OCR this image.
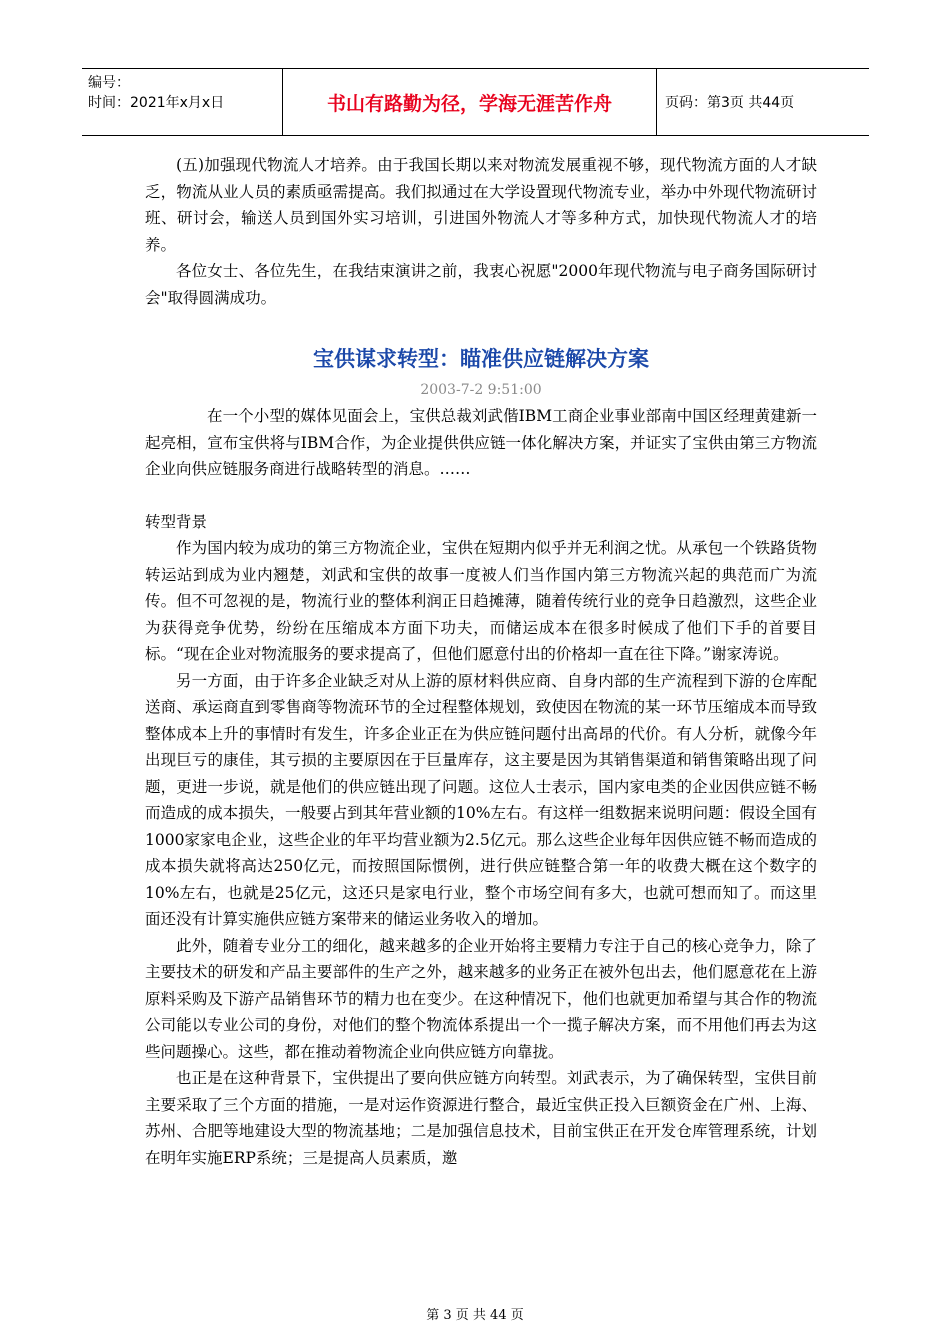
编号：
时间：2021年x月x日	书山有路勤为径，学海无涯苦作舟	页码：第3页 共44页

(五)加强现代物流人才培养。由于我国长期以来对物流发展重视不够，现代物流方面的人才缺乏，物流从业人员的素质亟需提高。我们拟通过在大学设置现代物流专业，举办中外现代物流研讨班、研讨会，输送人员到国外实习培训，引进国外物流人才等多种方式，加快现代物流人才的培养。

各位女士、各位先生，在我结束演讲之前，我衷心祝愿"2000年现代物流与电子商务国际研讨会"取得圆满成功。

宝供谋求转型：瞄准供应链解决方案

2003-7-2 9:51:00

在一个小型的媒体见面会上，宝供总裁刘武偕IBM工商企业事业部南中国区经理黄建新一起亮相，宣布宝供将与IBM合作，为企业提供供应链一体化解决方案，并证实了宝供由第三方物流企业向供应链服务商进行战略转型的消息。……

转型背景

作为国内较为成功的第三方物流企业，宝供在短期内似乎并无利润之忧。从承包一个铁路货物转运站到成为业内翘楚，刘武和宝供的故事一度被人们当作国内第三方物流兴起的典范而广为流传。但不可忽视的是，物流行业的整体利润正日趋摊薄，随着传统行业的竞争日趋激烈，这些企业为获得竞争优势，纷纷在压缩成本方面下功夫，而储运成本在很多时候成了他们下手的首要目标。“现在企业对物流服务的要求提高了，但他们愿意付出的价格却一直在往下降。”谢家涛说。

另一方面，由于许多企业缺乏对从上游的原材料供应商、自身内部的生产流程到下游的仓库配送商、承运商直到零售商等物流环节的全过程整体规划，致使因在物流的某一环节压缩成本而导致整体成本上升的事情时有发生，许多企业正在为供应链问题付出高昂的代价。有人分析，就像今年出现巨亏的康佳，其亏损的主要原因在于巨量库存，这主要是因为其销售渠道和销售策略出现了问题，更进一步说，就是他们的供应链出现了问题。这位人士表示，国内家电类的企业因供应链不畅而造成的成本损失，一般要占到其年营业额的10%左右。有这样一组数据来说明问题：假设全国有1000家家电企业，这些企业的年平均营业额为2.5亿元。那么这些企业每年因供应链不畅而造成的成本损失就将高达250亿元，而按照国际惯例，进行供应链整合第一年的收费大概在这个数字的10%左右，也就是25亿元，这还只是家电行业，整个市场空间有多大，也就可想而知了。而这里面还没有计算实施供应链方案带来的储运业务收入的增加。

此外，随着专业分工的细化，越来越多的企业开始将主要精力专注于自己的核心竞争力，除了主要技术的研发和产品主要部件的生产之外，越来越多的业务正在被外包出去，他们愿意花在上游原料采购及下游产品销售环节的精力也在变少。在这种情况下，他们也就更加希望与其合作的物流公司能以专业公司的身份，对他们的整个物流体系提出一个一揽子解决方案，而不用他们再去为这些问题操心。这些，都在推动着物流企业向供应链方向靠拢。

也正是在这种背景下，宝供提出了要向供应链方向转型。刘武表示，为了确保转型，宝供目前主要采取了三个方面的措施，一是对运作资源进行整合，最近宝供正投入巨额资金在广州、上海、苏州、合肥等地建设大型的物流基地；二是加强信息技术，目前宝供正在开发仓库管理系统，计划在明年实施ERP系统；三是提高人员素质，邀

第 3 页 共 44 页
